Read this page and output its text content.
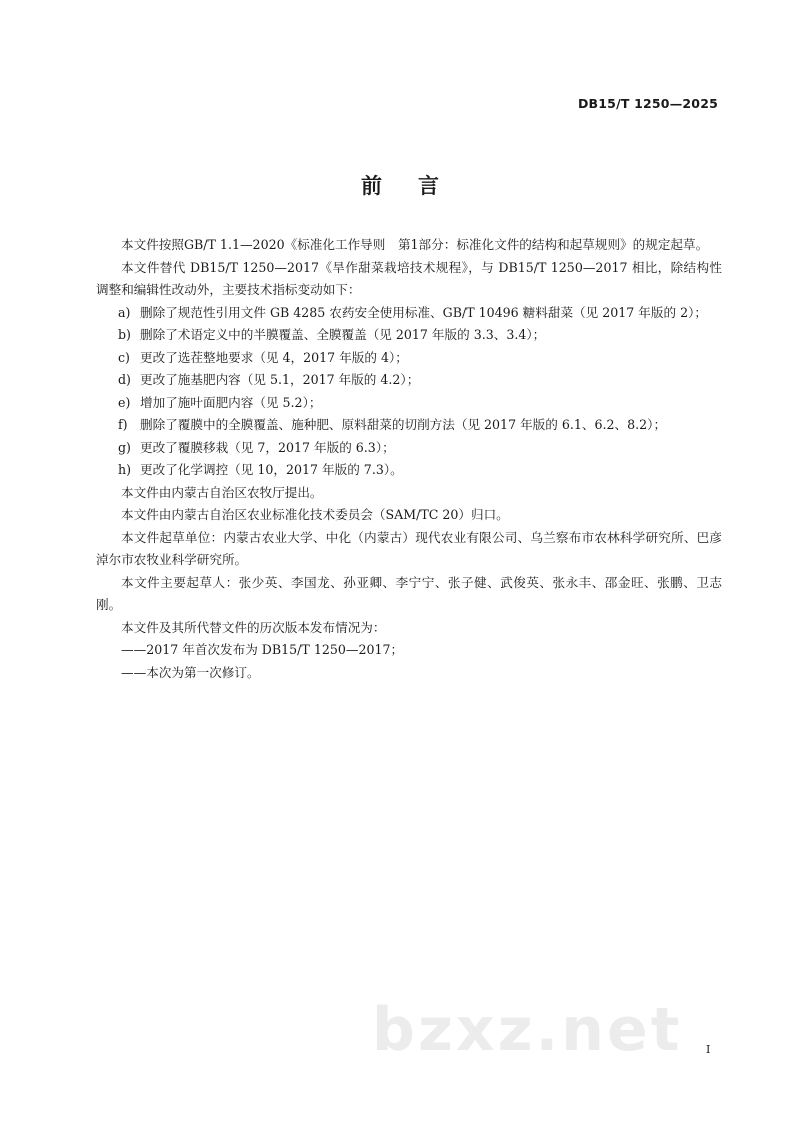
DB15/T 1250—2025
前言

本文件按照GB/T 1.1—2020《标准化工作导则　第1部分：标准化文件的结构和起草规则》的规定起草。

本文件替代 DB15/T 1250—2017《旱作甜菜栽培技术规程》，与 DB15/T 1250—2017 相比，除结构性调整和编辑性改动外，主要技术指标变动如下：

a) 删除了规范性引用文件 GB 4285 农药安全使用标准、GB/T 10496 糖料甜菜（见 2017 年版的 2）；

b) 删除了术语定义中的半膜覆盖、全膜覆盖（见 2017 年版的 3.3、3.4）；

c) 更改了选茬整地要求（见 4，2017 年版的 4）；

d) 更改了施基肥内容（见 5.1，2017 年版的 4.2）；

e) 增加了施叶面肥内容（见 5.2）；

f) 删除了覆膜中的全膜覆盖、施种肥、原料甜菜的切削方法（见 2017 年版的 6.1、6.2、8.2）；

g) 更改了覆膜移栽（见 7，2017 年版的 6.3）；

h) 更改了化学调控（见 10，2017 年版的 7.3）。

本文件由内蒙古自治区农牧厅提出。

本文件由内蒙古自治区农业标准化技术委员会（SAM/TC 20）归口。

本文件起草单位：内蒙古农业大学、中化（内蒙古）现代农业有限公司、乌兰察布市农林科学研究所、巴彦淖尔市农牧业科学研究所。

本文件主要起草人：张少英、李国龙、孙亚卿、李宁宁、张子健、武俊英、张永丰、邵金旺、张鹏、卫志刚。

本文件及其所代替文件的历次版本发布情况为：

——2017 年首次发布为 DB15/T 1250—2017；

——本次为第一次修订。

bzxz.net I
